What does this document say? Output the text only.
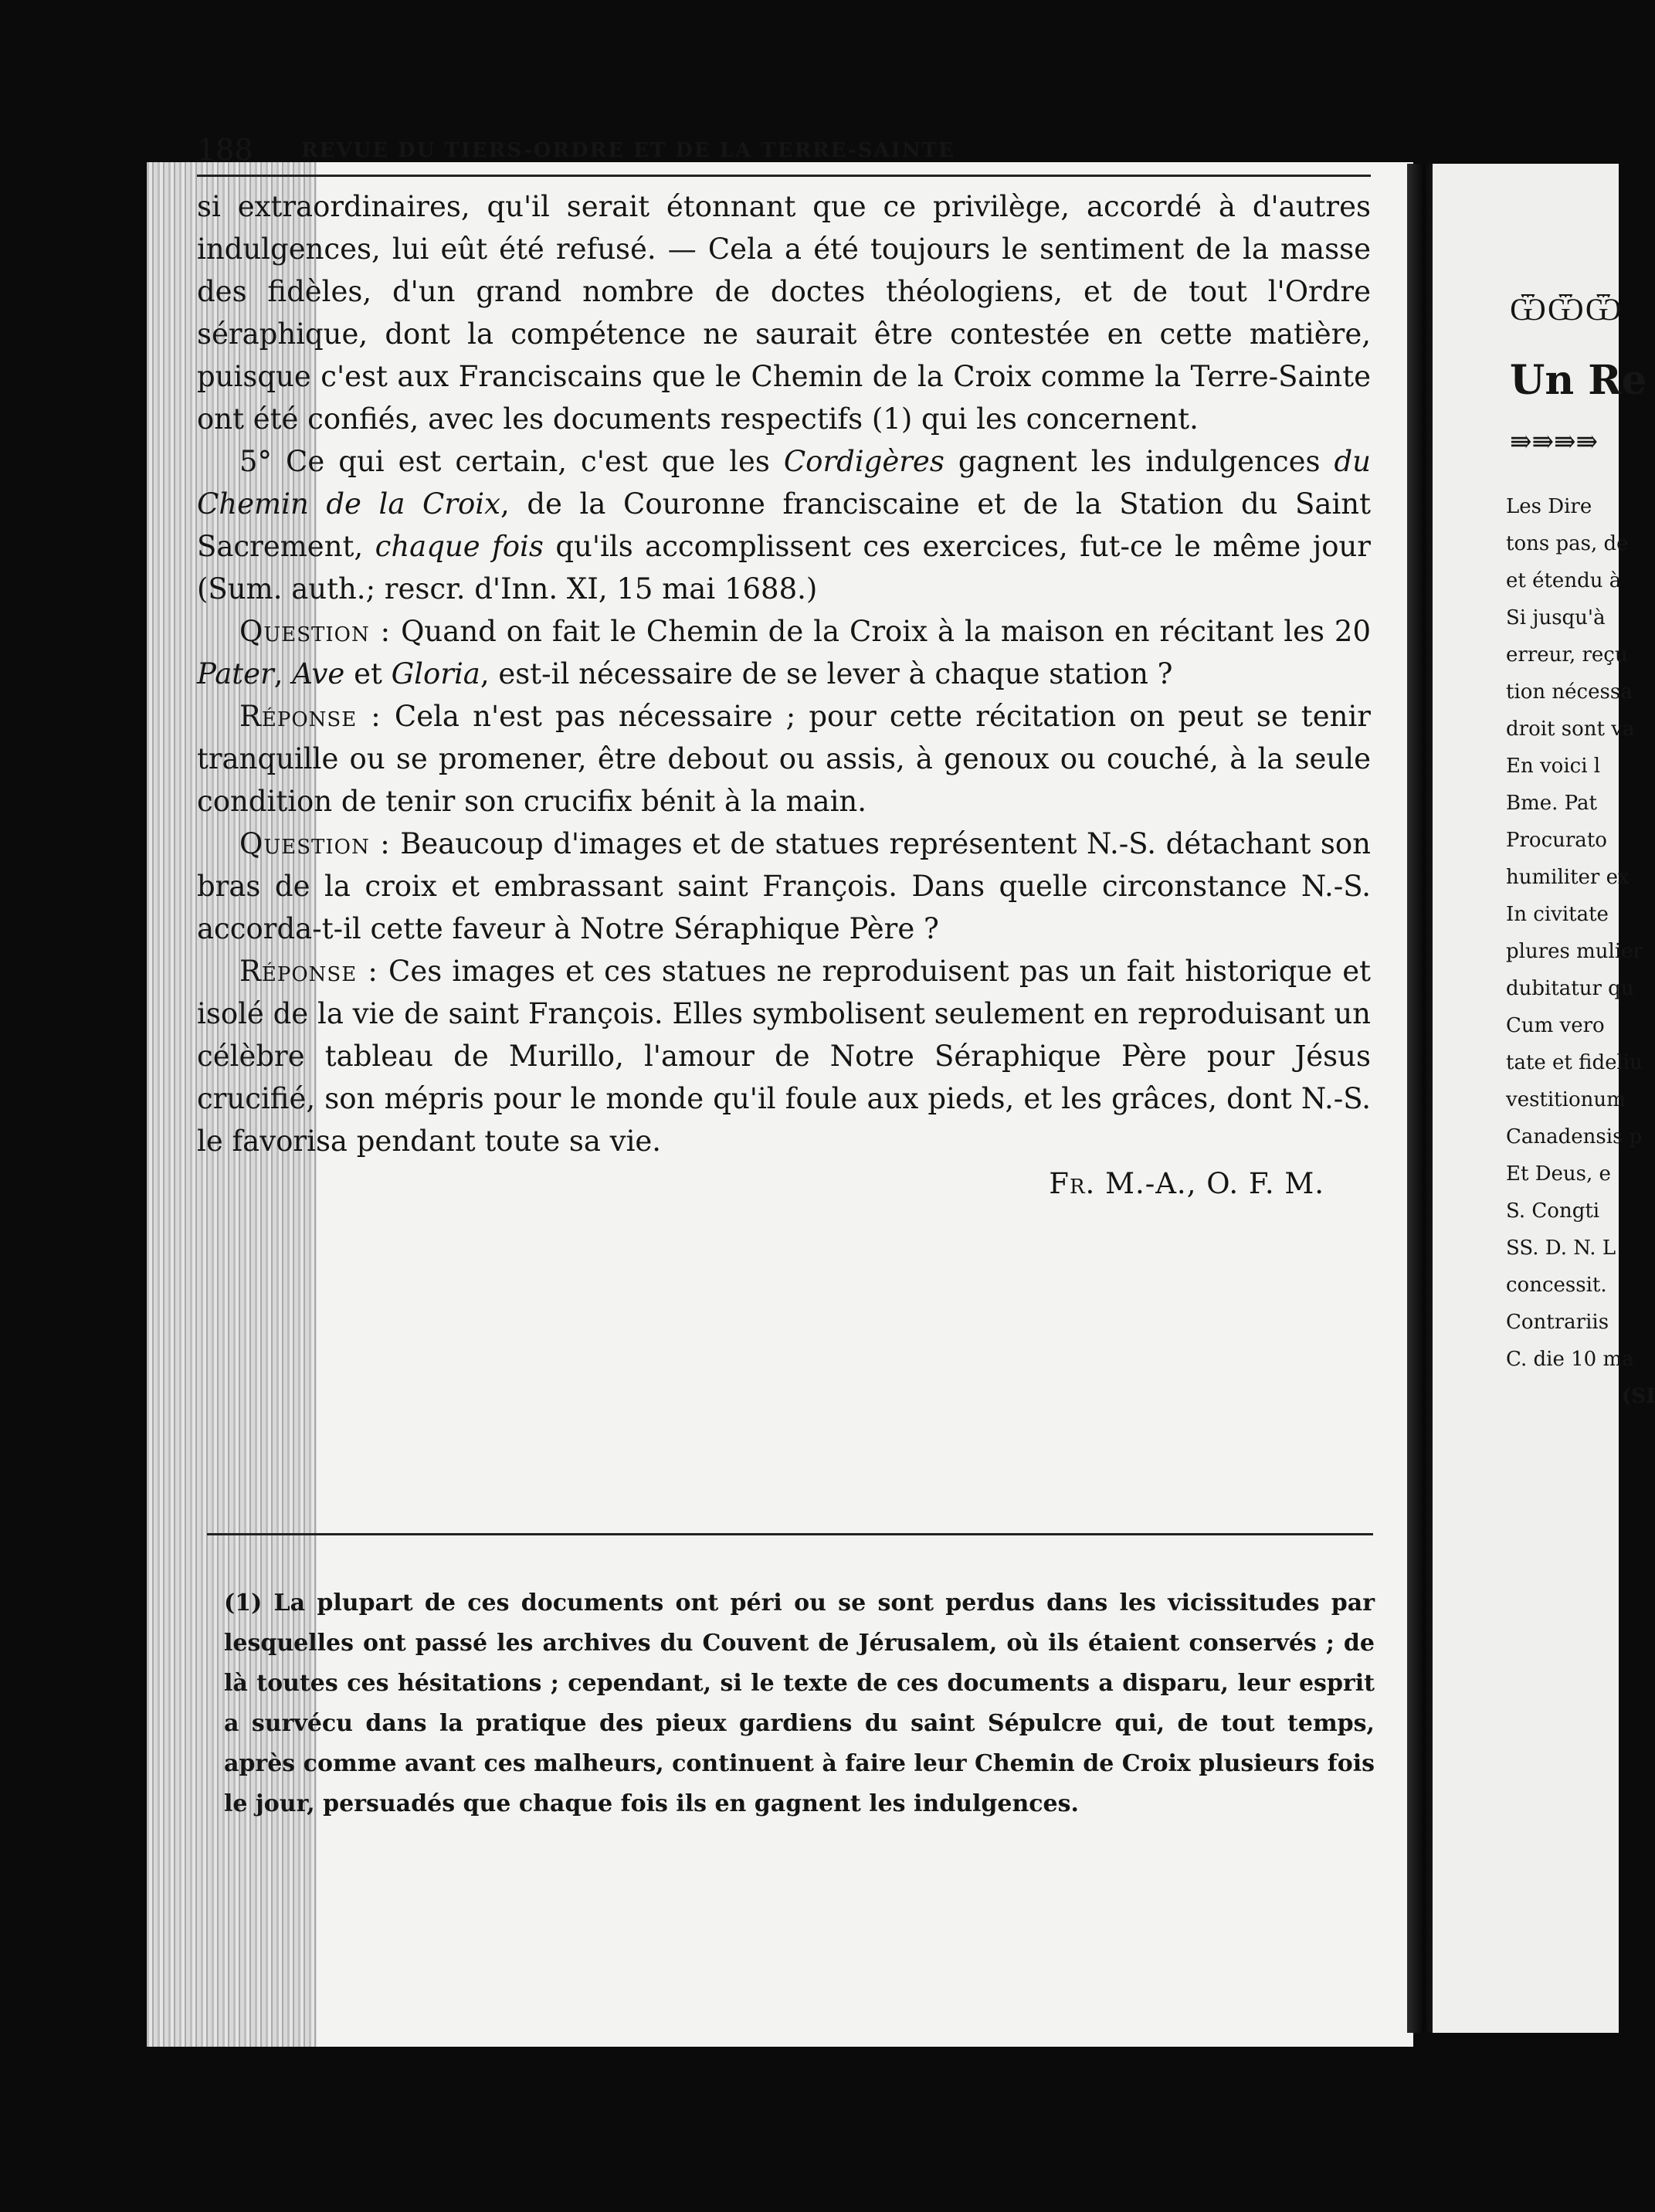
188 REVUE DU TIERS-ORDRE ET DE LA TERRE-SAINTE

si extraordinaires, qu'il serait étonnant que ce privilège, accordé à d'autres indulgences, lui eût été refusé. — Cela a été toujours le sentiment de la masse des fidèles, d'un grand nombre de doctes théologiens, et de tout l'Ordre séraphique, dont la compétence ne saurait être contestée en cette matière, puisque c'est aux Franciscains que le Chemin de la Croix comme la Terre-Sainte ont été confiés, avec les documents respectifs (1) qui les concernent.

5° Ce qui est certain, c'est que les Cordigères gagnent les indulgences du Chemin de la Croix, de la Couronne franciscaine et de la Station du Saint Sacrement, chaque fois qu'ils accomplissent ces exercices, fut-ce le même jour (Sum. auth.; rescr. d'Inn. XI, 15 mai 1688.)

Question : Quand on fait le Chemin de la Croix à la maison en récitant les 20 Pater, Ave et Gloria, est-il nécessaire de se lever à chaque station ?

Réponse : Cela n'est pas nécessaire ; pour cette récitation on peut se tenir tranquille ou se promener, être debout ou assis, à genoux ou couché, à la seule condition de tenir son crucifix bénit à la main.

Question : Beaucoup d'images et de statues représentent N.-S. détachant son bras de la croix et embrassant saint François. Dans quelle circonstance N.-S. accorda-t-il cette faveur à Notre Séraphique Père ?

Réponse : Ces images et ces statues ne reproduisent pas un fait historique et isolé de la vie de saint François. Elles symbolisent seulement en reproduisant un célèbre tableau de Murillo, l'amour de Notre Séraphique Père pour Jésus crucifié, son mépris pour le monde qu'il foule aux pieds, et les grâces, dont N.-S. le favorisa pendant toute sa vie.

Fr. M.-A., O. F. M.

(1) La plupart de ces documents ont péri ou se sont perdus dans les vicissitudes par lesquelles ont passé les archives du Couvent de Jérusalem, où ils étaient conservés ; de là toutes ces hésitations ; cependant, si le texte de ces documents a disparu, leur esprit a survécu dans la pratique des pieux gardiens du saint Sépulcre qui, de tout temps, après comme avant ces malheurs, continuent à faire leur Chemin de Croix plusieurs fois le jour, persuadés que chaque fois ils en gagnent les indulgences.
ѾѾѾ
Un Re
⇛⇛⇛⇛
Les Dire
tons pas, de
et étendu à
Si jusqu'à
erreur, reçu
tion nécessa
droit sont va
En voici l
Bme. Pat
Procurato
humiliter ex
In civitate
plures mulier
dubitatur qu
Cum vero
tate et fideliu
vestitionum
Canadensis p
Et Deus, e
S. Congti
SS. D. N. L
concessit.
Contrariis
C. die 10 ma
(SI
